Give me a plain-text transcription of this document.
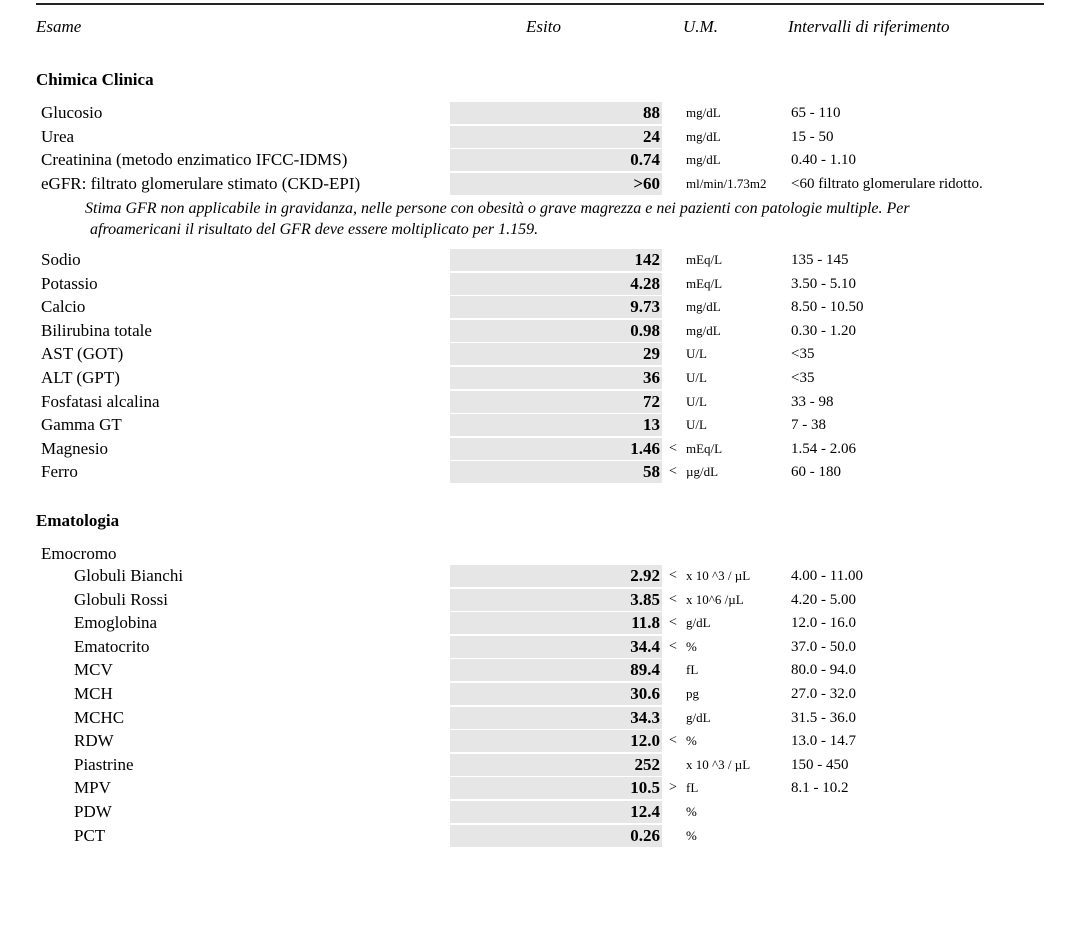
Esame	Esito	U.M.	Intervalli di riferimento
Chimica Clinica
Glucosio	88 mg/dL	65 - 110
Urea	24 mg/dL	15 - 50
Creatinina (metodo enzimatico IFCC-IDMS)	0.74 mg/dL	0.40 - 1.10
eGFR: filtrato glomerulare stimato (CKD-EPI)	>60 ml/min/1.73m2 <60 filtrato glomerulare ridotto.
Stima GFR non applicabile in gravidanza, nelle persone con obesità o grave magrezza e nei pazienti con patologie multiple. Per
afroamericani il risultato del GFR deve essere moltiplicato per 1.159.
Sodio	142 mEq/L	135 - 145
Potassio	4.28 mEq/L	3.50 - 5.10
Calcio	9.73 mg/dL	8.50 - 10.50
Bilirubina totale	0.98 mg/dL	0.30 - 1.20
AST (GOT)	29 U/L	<35
ALT (GPT)	36 U/L	<35
Fosfatasi alcalina	72 U/L	33 - 98
Gamma GT	13 U/L	7 - 38
Magnesio	1.46 < mEq/L	1.54 - 2.06
Ferro	58 < µg/dL	60 - 180
Ematologia
Emocromo
Globuli Bianchi	2.92 < x 10 ^3 / µL	4.00 - 11.00
Globuli Rossi	3.85 < x 10^6 /µL	4.20 - 5.00
Emoglobina	11.8 < g/dL	12.0 - 16.0
Ematocrito	34.4 < %	37.0 - 50.0
MCV	89.4 fL	80.0 - 94.0
MCH	30.6 pg	27.0 - 32.0
MCHC	34.3 g/dL	31.5 - 36.0
RDW	12.0 < %	13.0 - 14.7
Piastrine	252 x 10 ^3 / µL	150 - 450
MPV	10.5 > fL	8.1 - 10.2
PDW	12.4 %
PCT	0.26 %
